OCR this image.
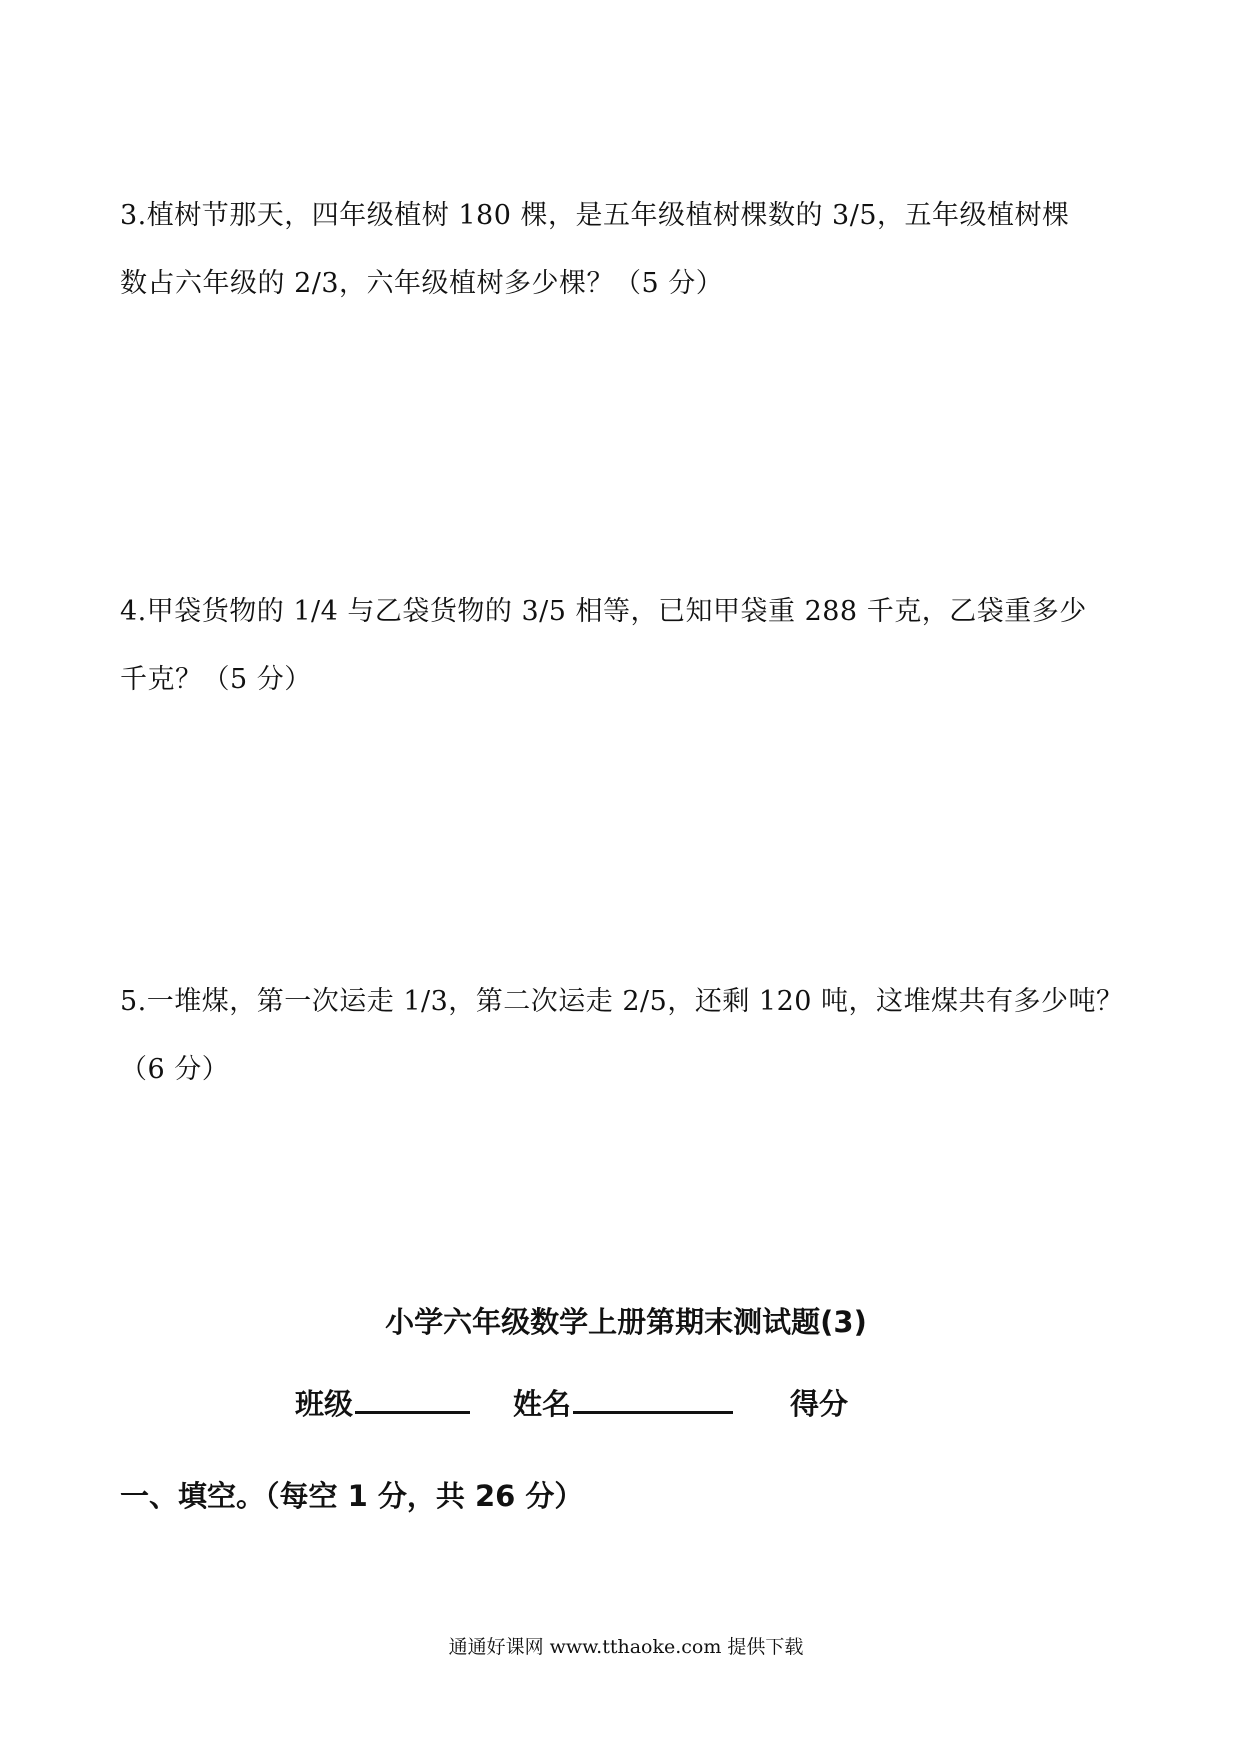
3.植树节那天，四年级植树 180 棵，是五年级植树棵数的 3/5，五年级植树棵
数占六年级的 2/3，六年级植树多少棵？（5 分）
4.甲袋货物的 1/4 与乙袋货物的 3/5 相等，已知甲袋重 288 千克，乙袋重多少
千克？（5 分）
5.一堆煤，第一次运走 1/3，第二次运走 2/5，还剩 120 吨，这堆煤共有多少吨？
（6 分）
小学六年级数学上册第期末测试题(3)
班级	姓名	得分
一、填空。（每空 1 分，共 26 分）
通通好课网 www.tthaoke.com 提供下载
